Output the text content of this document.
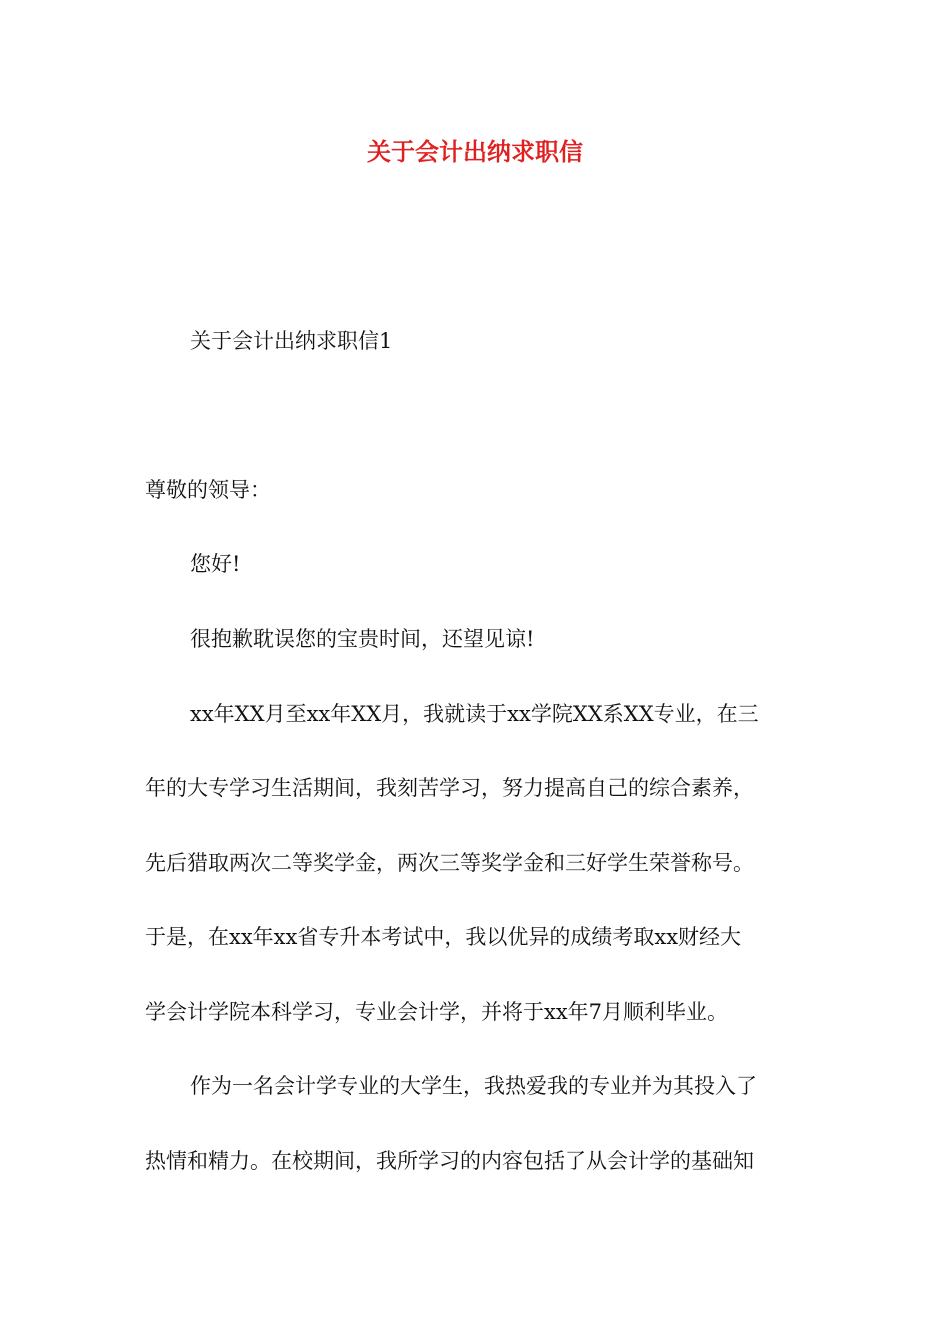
关于会计出纳求职信

关于会计出纳求职信1

尊敬的领导：

您好!

很抱歉耽误您的宝贵时间，还望见谅!

xx年XX月至xx年XX月，我就读于xx学院XX系XX专业，在三

年的大专学习生活期间，我刻苦学习，努力提高自己的综合素养，

先后猎取两次二等奖学金，两次三等奖学金和三好学生荣誉称号。

于是，在xx年xx省专升本考试中，我以优异的成绩考取xx财经大

学会计学院本科学习，专业会计学，并将于xx年7月顺利毕业。

作为一名会计学专业的大学生，我热爱我的专业并为其投入了

热情和精力。在校期间，我所学习的内容包括了从会计学的基础知
